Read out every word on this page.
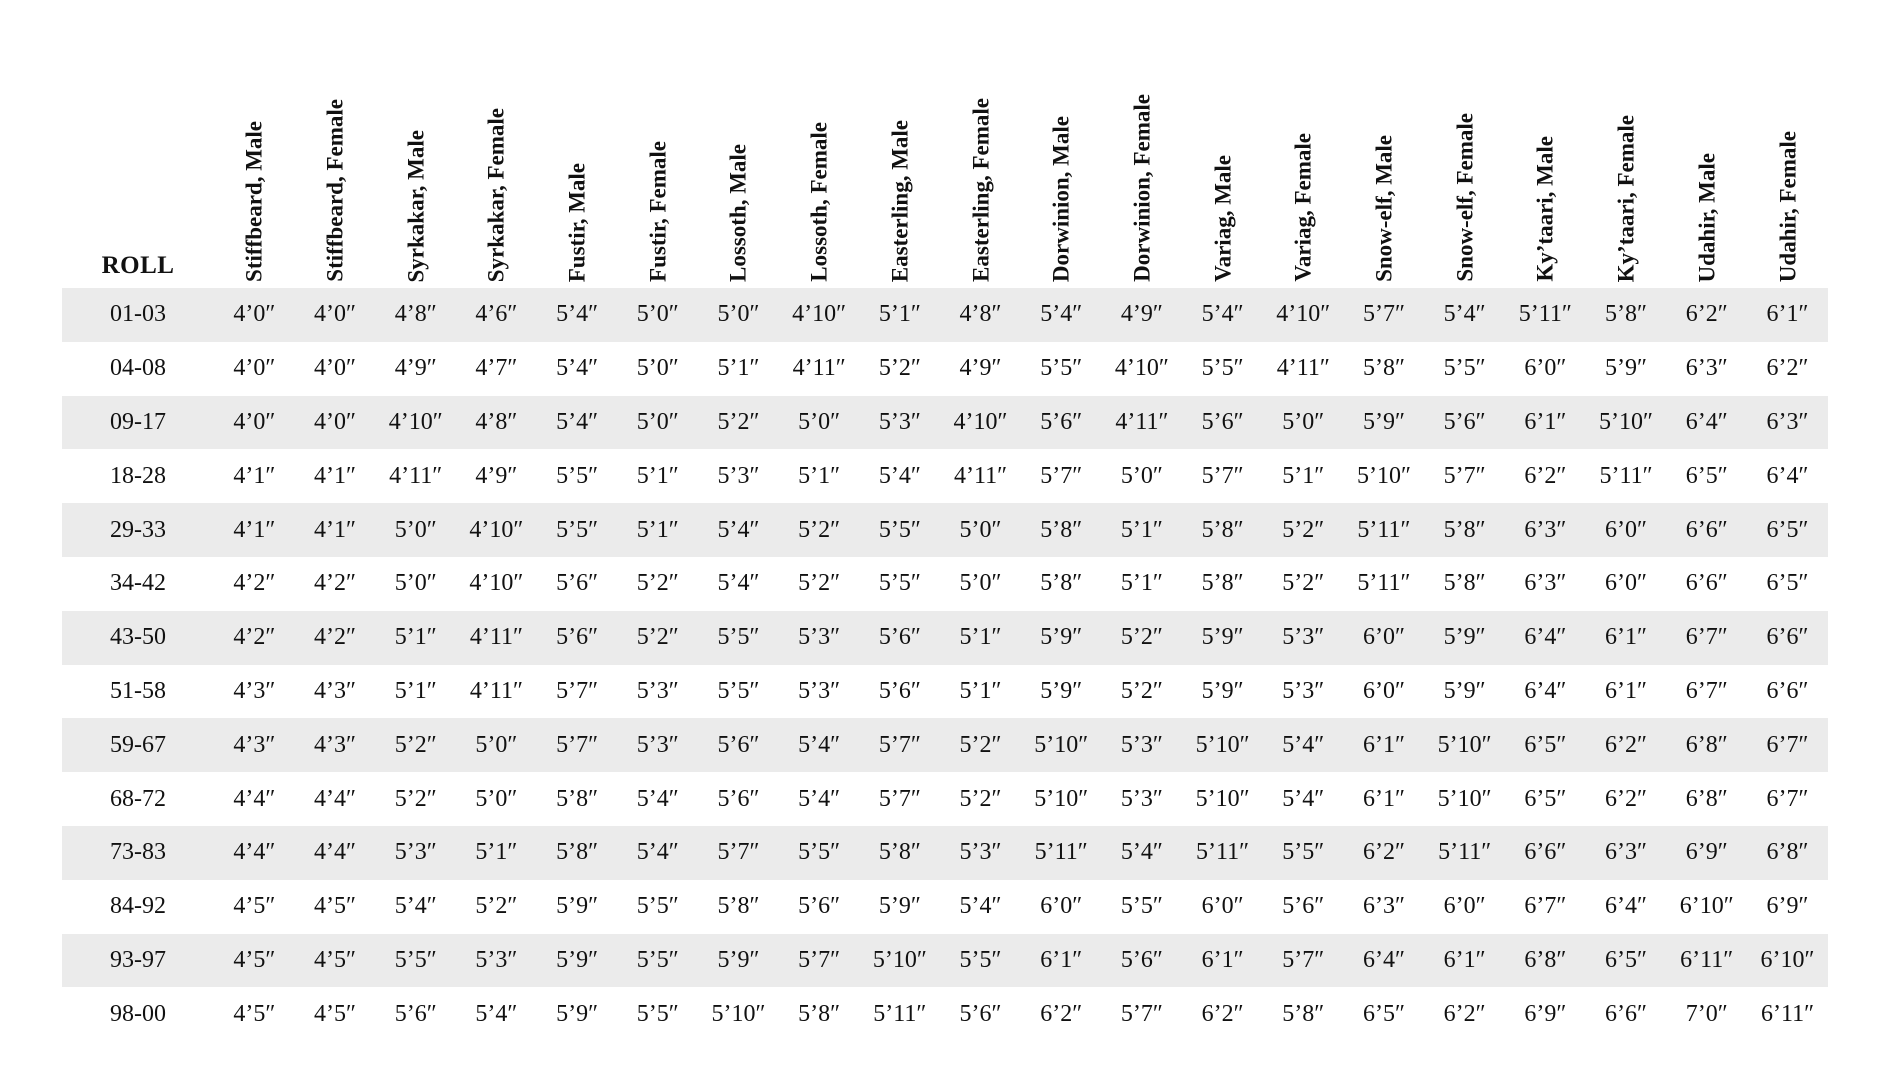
ROLL	Stiffbeard, Male	Stiffbeard, Female	Syrkakar, Male	Syrkakar, Female	Fustir, Male	Fustir, Female	Lossoth, Male	Lossoth, Female	Easterling, Male	Easterling, Female	Dorwinion, Male	Dorwinion, Female	Variag, Male	Variag, Female	Snow-elf, Male	Snow-elf, Female	Ky’taari, Male	Ky’taari, Female	Udahir, Male	Udahir, Female

01-03	4’0″	4’0″	4’8″	4’6″	5’4″	5’0″	5’0″	4’10″	5’1″	4’8″	5’4″	4’9″	5’4″	4’10″	5’7″	5’4″	5’11″	5’8″	6’2″	6’1″
04-08	4’0″	4’0″	4’9″	4’7″	5’4″	5’0″	5’1″	4’11″	5’2″	4’9″	5’5″	4’10″	5’5″	4’11″	5’8″	5’5″	6’0″	5’9″	6’3″	6’2″
09-17	4’0″	4’0″	4’10″	4’8″	5’4″	5’0″	5’2″	5’0″	5’3″	4’10″	5’6″	4’11″	5’6″	5’0″	5’9″	5’6″	6’1″	5’10″	6’4″	6’3″
18-28	4’1″	4’1″	4’11″	4’9″	5’5″	5’1″	5’3″	5’1″	5’4″	4’11″	5’7″	5’0″	5’7″	5’1″	5’10″	5’7″	6’2″	5’11″	6’5″	6’4″
29-33	4’1″	4’1″	5’0″	4’10″	5’5″	5’1″	5’4″	5’2″	5’5″	5’0″	5’8″	5’1″	5’8″	5’2″	5’11″	5’8″	6’3″	6’0″	6’6″	6’5″
34-42	4’2″	4’2″	5’0″	4’10″	5’6″	5’2″	5’4″	5’2″	5’5″	5’0″	5’8″	5’1″	5’8″	5’2″	5’11″	5’8″	6’3″	6’0″	6’6″	6’5″
43-50	4’2″	4’2″	5’1″	4’11″	5’6″	5’2″	5’5″	5’3″	5’6″	5’1″	5’9″	5’2″	5’9″	5’3″	6’0″	5’9″	6’4″	6’1″	6’7″	6’6″
51-58	4’3″	4’3″	5’1″	4’11″	5’7″	5’3″	5’5″	5’3″	5’6″	5’1″	5’9″	5’2″	5’9″	5’3″	6’0″	5’9″	6’4″	6’1″	6’7″	6’6″
59-67	4’3″	4’3″	5’2″	5’0″	5’7″	5’3″	5’6″	5’4″	5’7″	5’2″	5’10″	5’3″	5’10″	5’4″	6’1″	5’10″	6’5″	6’2″	6’8″	6’7″
68-72	4’4″	4’4″	5’2″	5’0″	5’8″	5’4″	5’6″	5’4″	5’7″	5’2″	5’10″	5’3″	5’10″	5’4″	6’1″	5’10″	6’5″	6’2″	6’8″	6’7″
73-83	4’4″	4’4″	5’3″	5’1″	5’8″	5’4″	5’7″	5’5″	5’8″	5’3″	5’11″	5’4″	5’11″	5’5″	6’2″	5’11″	6’6″	6’3″	6’9″	6’8″
84-92	4’5″	4’5″	5’4″	5’2″	5’9″	5’5″	5’8″	5’6″	5’9″	5’4″	6’0″	5’5″	6’0″	5’6″	6’3″	6’0″	6’7″	6’4″	6’10″	6’9″
93-97	4’5″	4’5″	5’5″	5’3″	5’9″	5’5″	5’9″	5’7″	5’10″	5’5″	6’1″	5’6″	6’1″	5’7″	6’4″	6’1″	6’8″	6’5″	6’11″	6’10″
98-00	4’5″	4’5″	5’6″	5’4″	5’9″	5’5″	5’10″	5’8″	5’11″	5’6″	6’2″	5’7″	6’2″	5’8″	6’5″	6’2″	6’9″	6’6″	7’0″	6’11″
